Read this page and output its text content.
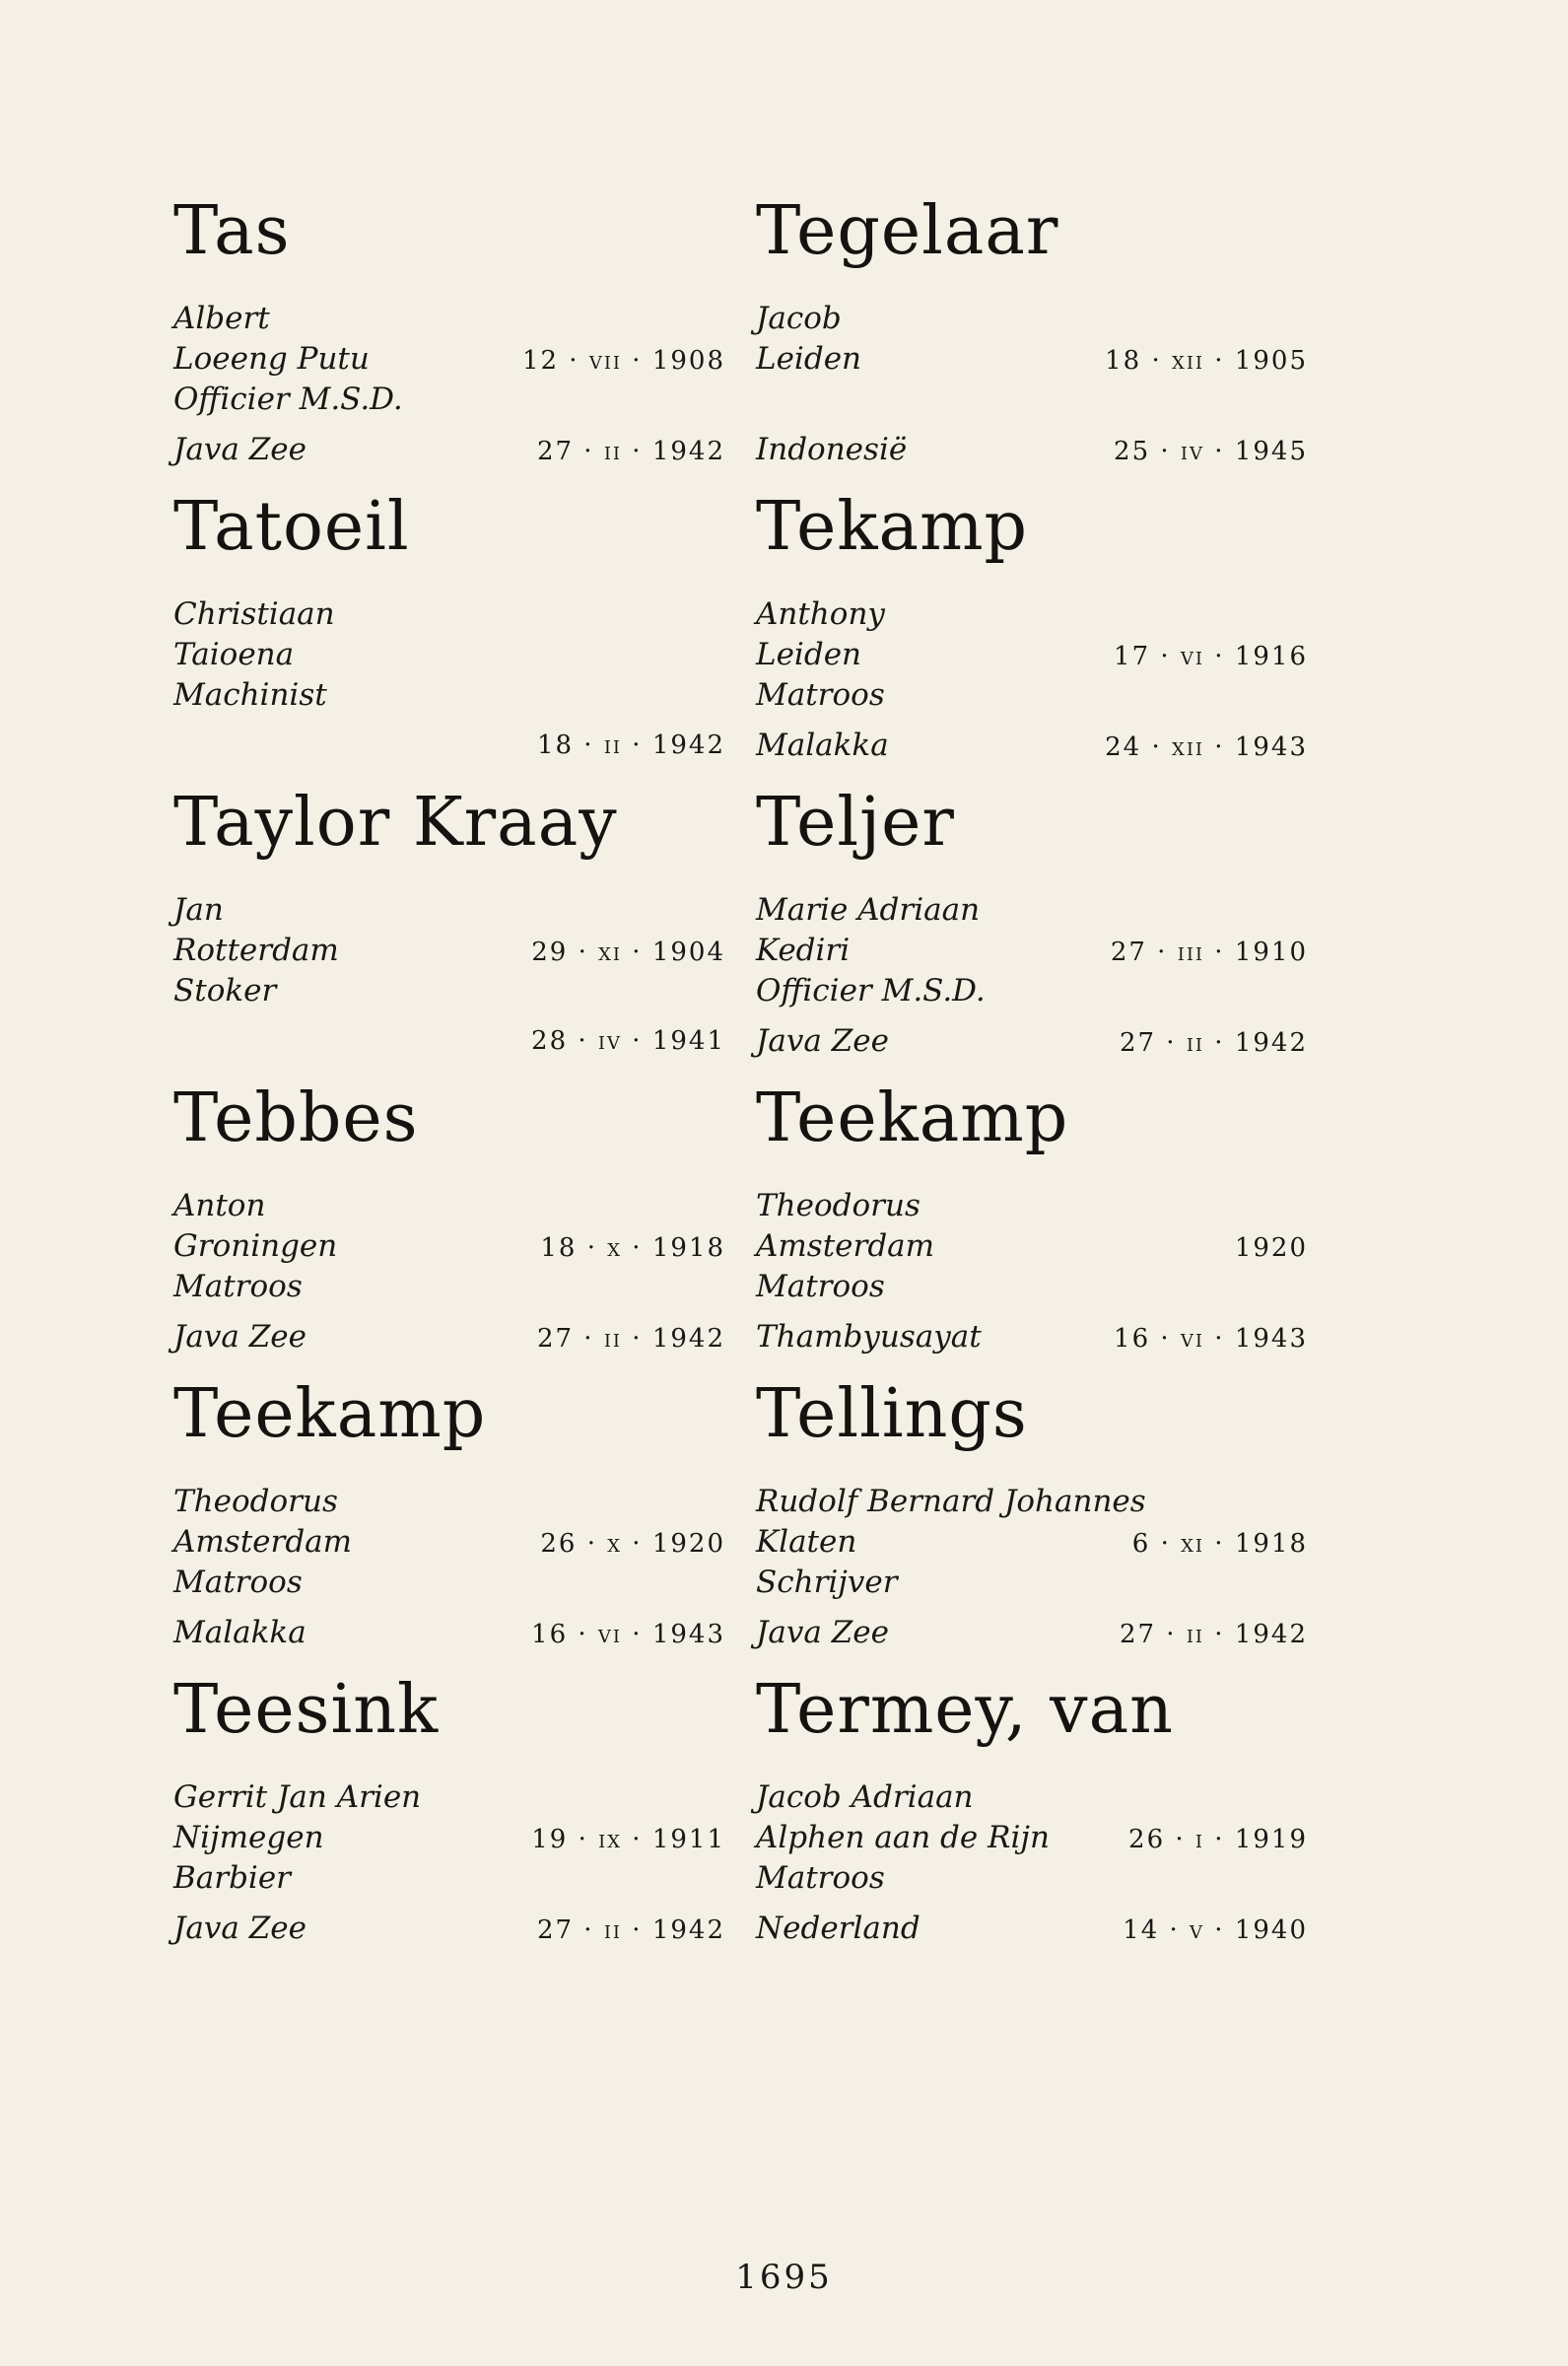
Tas
Albert
Loeeng Putu	12 · vii · 1908
Officier M.S.D.
Java Zee	27 · ii · 1942
Tatoeil
Christiaan
Taioena
Machinist
18 · ii · 1942
Taylor Kraay
Jan
Rotterdam	29 · xi · 1904
Stoker
28 · iv · 1941
Tebbes
Anton
Groningen	18 · x · 1918
Matroos
Java Zee	27 · ii · 1942
Teekamp
Theodorus
Amsterdam	26 · x · 1920
Matroos
Malakka	16 · vi · 1943
Teesink
Gerrit Jan Arien
Nijmegen	19 · ix · 1911
Barbier
Java Zee	27 · ii · 1942
Tegelaar
Jacob
Leiden	18 · xii · 1905
Indonesië	25 · iv · 1945
Tekamp
Anthony
Leiden	17 · vi · 1916
Matroos
Malakka	24 · xii · 1943
Teljer
Marie Adriaan
Kediri	27 · iii · 1910
Officier M.S.D.
Java Zee	27 · ii · 1942
Teekamp
Theodorus
Amsterdam	1920
Matroos
Thambyusayat	16 · vi · 1943
Tellings
Rudolf Bernard Johannes
Klaten	6 · xi · 1918
Schrijver
Java Zee	27 · ii · 1942
Termey, van
Jacob Adriaan
Alphen aan de Rijn	26 · i · 1919
Matroos
Nederland	14 · v · 1940
1695
